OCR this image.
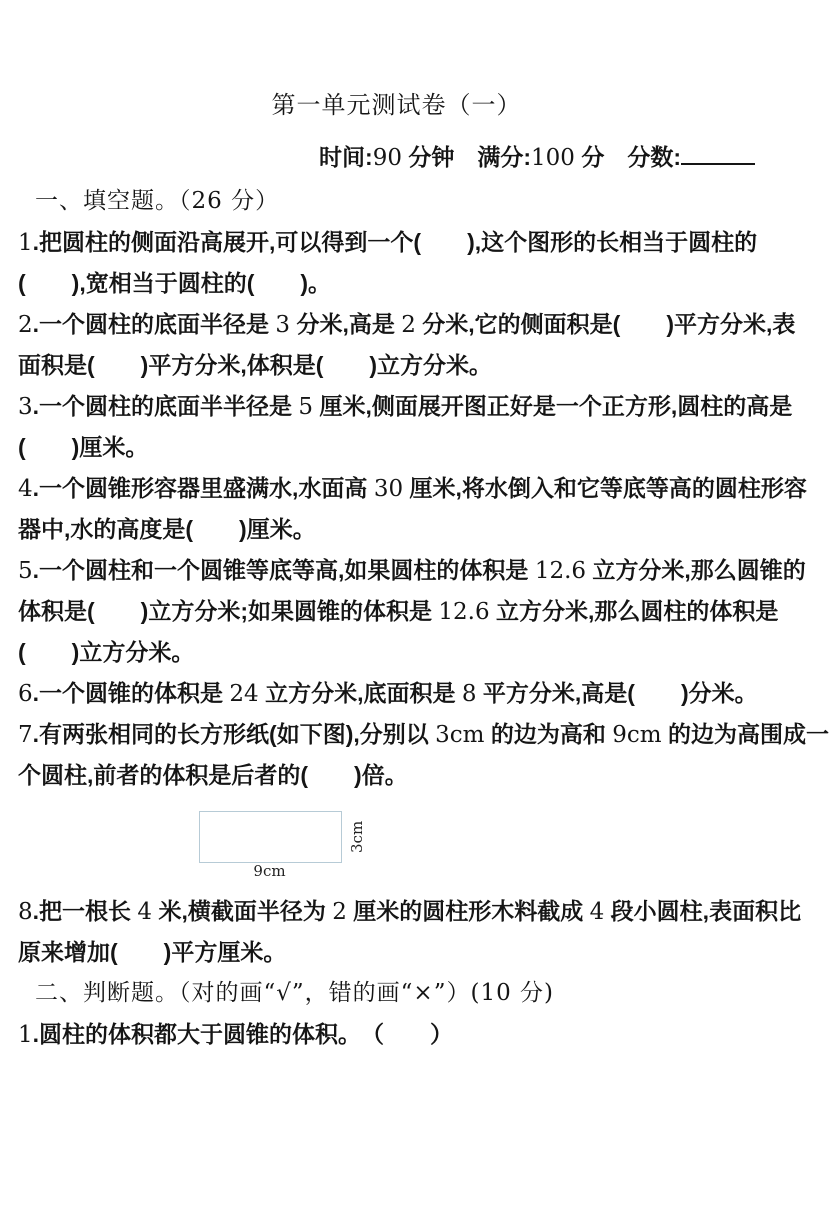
第一单元测试卷（一）
时间:90 分钟　满分:100 分　分数:
一、填空题。（26 分）
1.把圆柱的侧面沿高展开,可以得到一个(　　),这个图形的长相当于圆柱的
(　　),宽相当于圆柱的(　　)。
2.一个圆柱的底面半径是 3 分米,高是 2 分米,它的侧面积是(　　)平方分米,表
面积是(　　)平方分米,体积是(　　)立方分米。
3.一个圆柱的底面半半径是 5 厘米,侧面展开图正好是一个正方形,圆柱的高是
(　　)厘米。
4.一个圆锥形容器里盛满水,水面高 30 厘米,将水倒入和它等底等高的圆柱形容
器中,水的高度是(　　)厘米。
5.一个圆柱和一个圆锥等底等高,如果圆柱的体积是 12.6 立方分米,那么圆锥的
体积是(　　)立方分米;如果圆锥的体积是 12.6 立方分米,那么圆柱的体积是
(　　)立方分米。
6.一个圆锥的体积是 24 立方分米,底面积是 8 平方分米,高是(　　)分米。
7.有两张相同的长方形纸(如下图),分别以 3cm 的边为高和 9cm 的边为高围成一
个圆柱,前者的体积是后者的(　　)倍。
9cm
3cm
8.把一根长 4 米,横截面半径为 2 厘米的圆柱形木料截成 4 段小圆柱,表面积比
原来增加(　　)平方厘米。
二、判断题。（对的画“√”，错的画“×”）(10 分)
1.圆柱的体积都大于圆锥的体积。　（　　）
